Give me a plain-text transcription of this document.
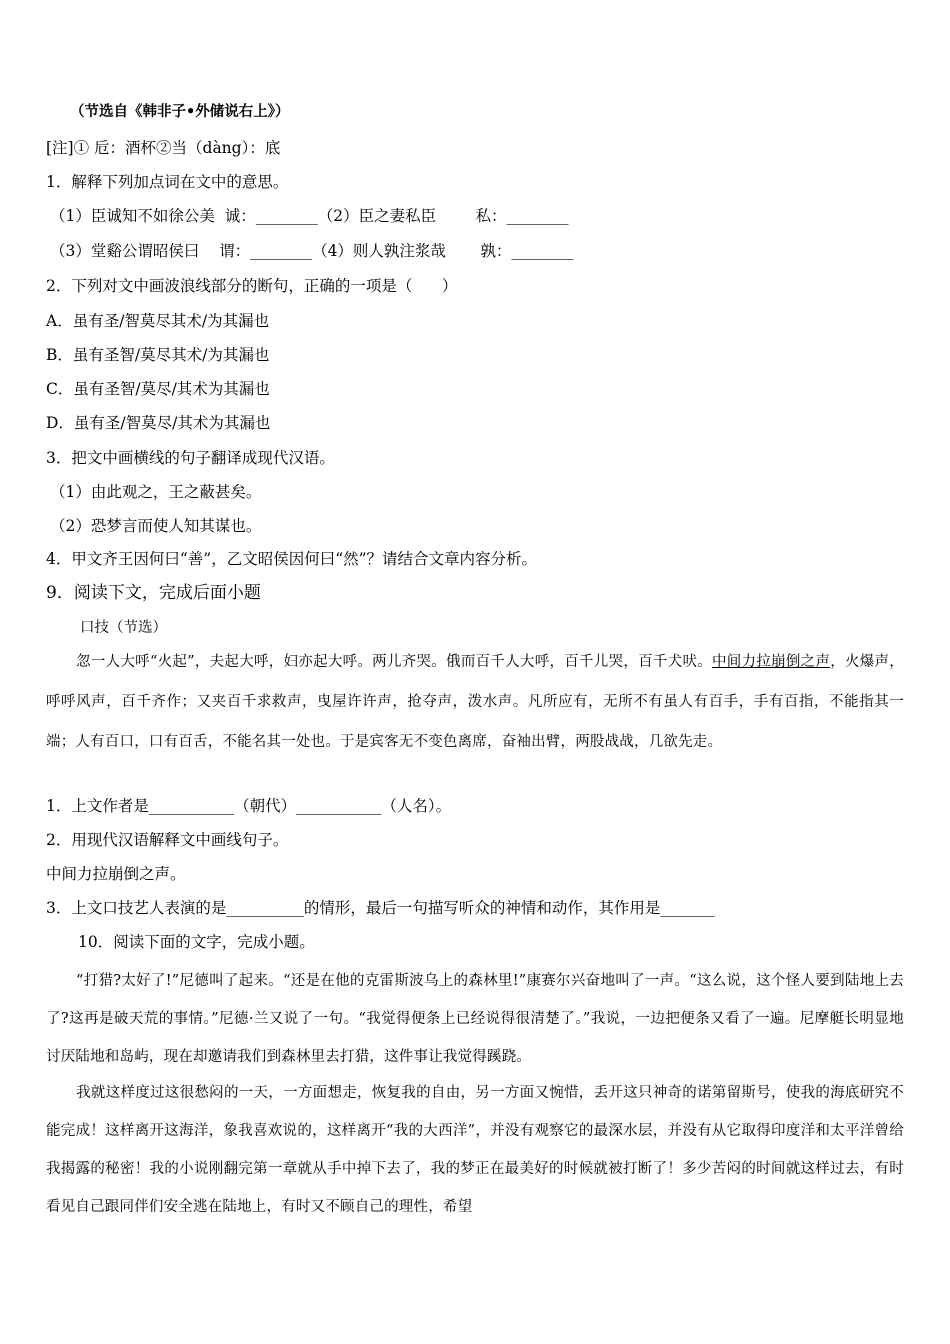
（节选自《韩非子•外储说右上》）
[注]① 卮：酒杯②当（dàng）：底
1．解释下列加点词在文中的意思。
（1）臣诚知不如徐公美  诚：________（2）臣之妻私臣        私：________
（3）堂谿公谓昭侯曰    谓：________（4）则人孰注浆哉       孰：________
2．下列对文中画波浪线部分的断句，正确的一项是（      ）
A．虽有圣/智莫尽其术/为其漏也
B．虽有圣智/莫尽其术/为其漏也
C．虽有圣智/莫尽/其术为其漏也
D．虽有圣/智莫尽/其术为其漏也
3．把文中画横线的句子翻译成现代汉语。
（1）由此观之，王之蔽甚矣。
（2）恐梦言而使人知其谋也。
4．甲文齐王因何曰“善”，乙文昭侯因何曰“然”？请结合文章内容分析。
9．阅读下文，完成后面小题
口技（节选）
忽一人大呼“火起”，夫起大呼，妇亦起大呼。两儿齐哭。俄而百千人大呼，百千儿哭，百千犬吠。中间力拉崩倒之声，火爆声，呼呼风声，百千齐作；又夹百千求救声，曳屋许许声，抢夺声，泼水声。凡所应有，无所不有虽人有百手，手有百指，不能指其一端；人有百口，口有百舌，不能名其一处也。于是宾客无不变色离席，奋袖出臂，两股战战，几欲先走。
1．上文作者是___________（朝代）___________（人名）。
2．用现代汉语解释文中画线句子。
中间力拉崩倒之声。
3．上文口技艺人表演的是__________的情形，最后一句描写听众的神情和动作，其作用是_______
10．阅读下面的文字，完成小题。
“打猎?太好了!”尼德叫了起来。“还是在他的克雷斯波乌上的森林里!”康赛尔兴奋地叫了一声。“这么说，这个怪人要到陆地上去了?这再是破天荒的事情。”尼德·兰又说了一句。“我觉得便条上已经说得很清楚了。”我说，一边把便条又看了一遍。尼摩艇长明显地讨厌陆地和岛屿，现在却邀请我们到森林里去打猎，这件事让我觉得蹊跷。
我就这样度过这很愁闷的一天，一方面想走，恢复我的自由，另一方面又惋惜，丢开这只神奇的诺第留斯号，使我的海底研究不能完成！这样离开这海洋，象我喜欢说的，这样离开“我的大西洋”，并没有观察它的最深水层，并没有从它取得印度洋和太平洋曾给我揭露的秘密！我的小说刚翻完第一章就从手中掉下去了，我的梦正在最美好的时候就被打断了！多少苦闷的时间就这样过去，有时看见自己跟同伴们安全逃在陆地上，有时又不顾自己的理性，希望
